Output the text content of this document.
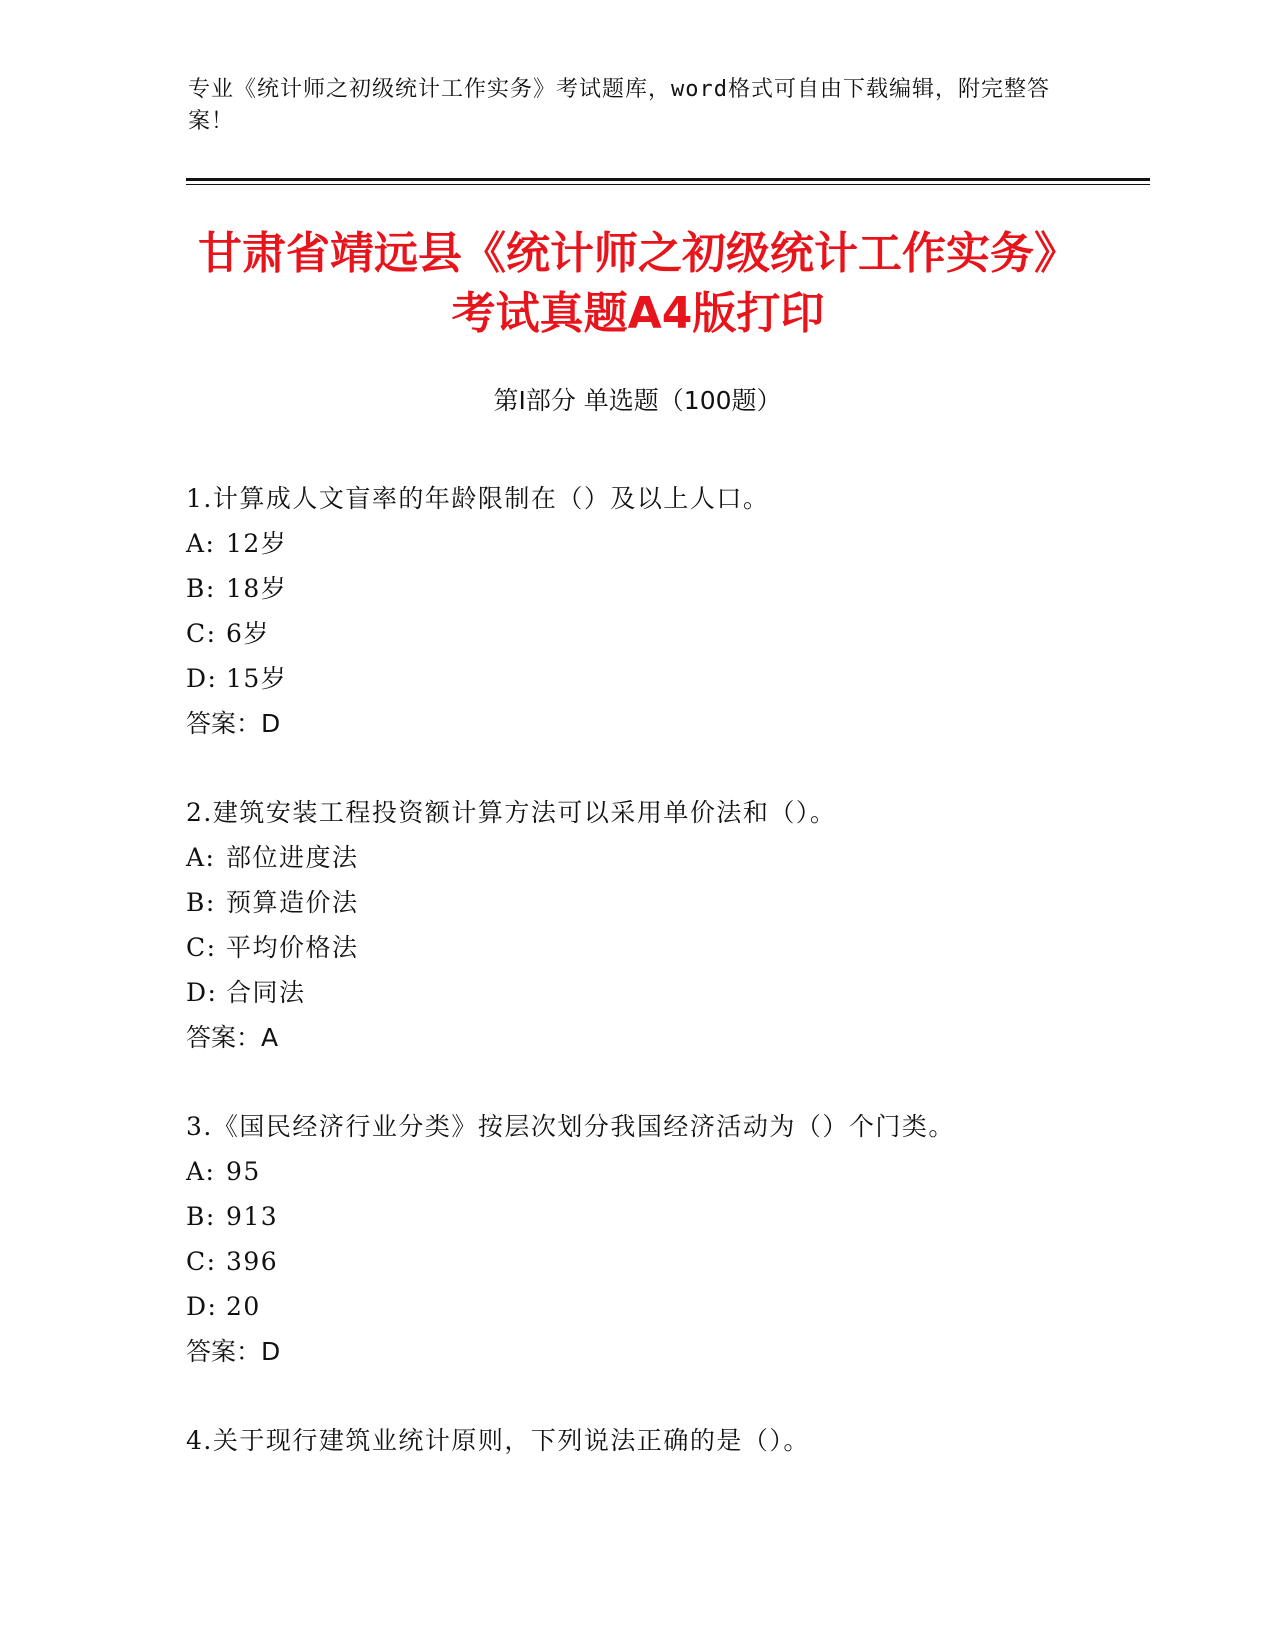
专业《统计师之初级统计工作实务》考试题库，word格式可自由下载编辑，附完整答案！
甘肃省靖远县《统计师之初级统计工作实务》考试真题A4版打印
第I部分 单选题（100题）
1.计算成人文盲率的年龄限制在（）及以上人口。
A: 12岁
B: 18岁
C: 6岁
D: 15岁
答案：D
2.建筑安装工程投资额计算方法可以采用单价法和（）。
A: 部位进度法
B: 预算造价法
C: 平均价格法
D: 合同法
答案：A
3.《国民经济行业分类》按层次划分我国经济活动为（）个门类。
A: 95
B: 913
C: 396
D: 20
答案：D
4.关于现行建筑业统计原则，下列说法正确的是（）。
